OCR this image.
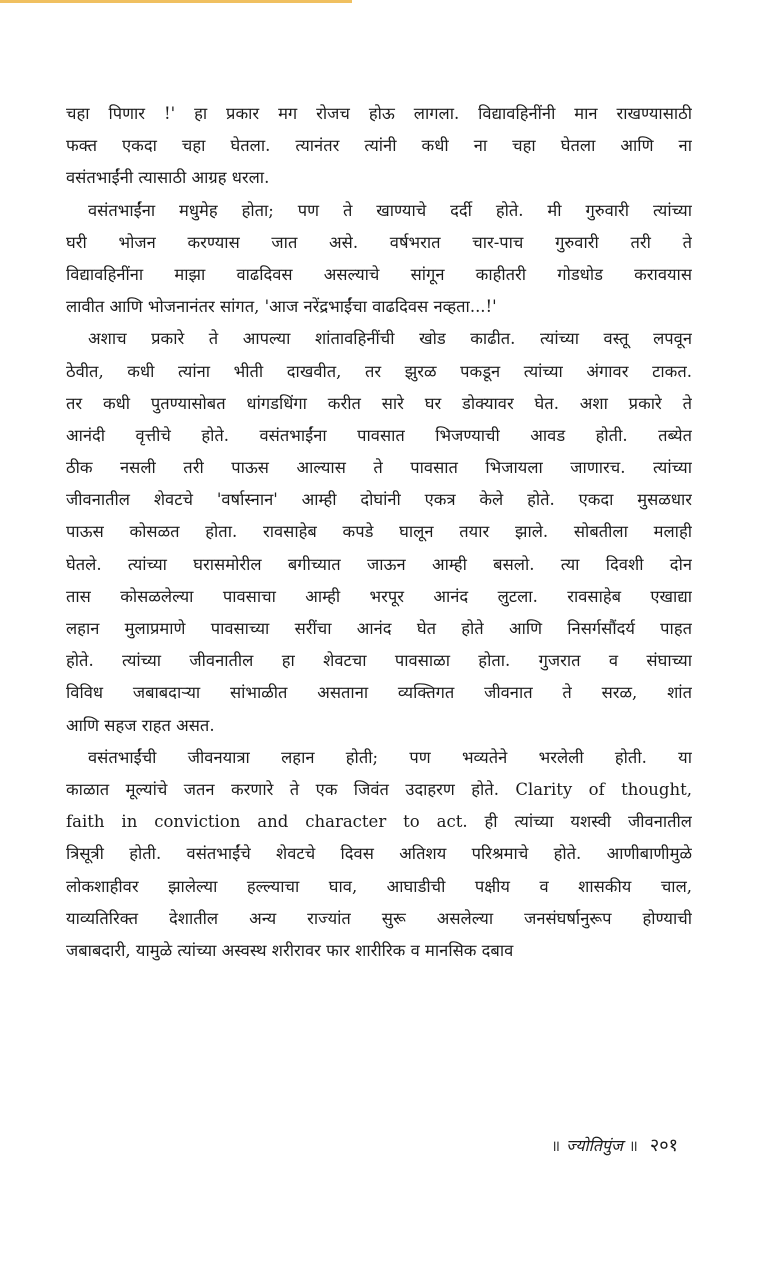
चहा पिणार !' हा प्रकार मग रोजच होऊ लागला. विद्यावहिनींनी मान राखण्यासाठी
फक्त एकदा चहा घेतला. त्यानंतर त्यांनी कधी ना चहा घेतला आणि ना
वसंतभाईंनी त्यासाठी आग्रह धरला.
वसंतभाईंना मधुमेह होता; पण ते खाण्याचे दर्दी होते. मी गुरुवारी त्यांच्या
घरी भोजन करण्यास जात असे. वर्षभरात चार-पाच गुरुवारी तरी ते
विद्यावहिनींना माझा वाढदिवस असल्याचे सांगून काहीतरी गोडधोड करावयास
लावीत आणि भोजनानंतर सांगत, 'आज नरेंद्रभाईंचा वाढदिवस नव्हता...!'
अशाच प्रकारे ते आपल्या शांतावहिनींची खोड काढीत. त्यांच्या वस्तू लपवून
ठेवीत, कधी त्यांना भीती दाखवीत, तर झुरळ पकडून त्यांच्या अंगावर टाकत.
तर कधी पुतण्यासोबत धांगडधिंगा करीत सारे घर डोक्यावर घेत. अशा प्रकारे ते
आनंदी वृत्तीचे होते. वसंतभाईंना पावसात भिजण्याची आवड होती. तब्येत
ठीक नसली तरी पाऊस आल्यास ते पावसात भिजायला जाणारच. त्यांच्या
जीवनातील शेवटचे 'वर्षास्नान' आम्ही दोघांनी एकत्र केले होते. एकदा मुसळधार
पाऊस कोसळत होता. रावसाहेब कपडे घालून तयार झाले. सोबतीला मलाही
घेतले. त्यांच्या घरासमोरील बगीच्यात जाऊन आम्ही बसलो. त्या दिवशी दोन
तास कोसळलेल्या पावसाचा आम्ही भरपूर आनंद लुटला. रावसाहेब एखाद्या
लहान मुलाप्रमाणे पावसाच्या सरींचा आनंद घेत होते आणि निसर्गसौंदर्य पाहत
होते. त्यांच्या जीवनातील हा शेवटचा पावसाळा होता. गुजरात व संघाच्या
विविध जबाबदाऱ्या सांभाळीत असताना व्यक्तिगत जीवनात ते सरळ, शांत
आणि सहज राहत असत.
वसंतभाईंची जीवनयात्रा लहान होती; पण भव्यतेने भरलेली होती. या
काळात मूल्यांचे जतन करणारे ते एक जिवंत उदाहरण होते. Clarity of thought,
faith in conviction and character to act. ही त्यांच्या यशस्वी जीवनातील
त्रिसूत्री होती. वसंतभाईंचे शेवटचे दिवस अतिशय परिश्रमाचे होते. आणीबाणीमुळे
लोकशाहीवर झालेल्या हल्ल्याचा घाव, आघाडीची पक्षीय व शासकीय चाल,
याव्यतिरिक्त देशातील अन्य राज्यांत सुरू असलेल्या जनसंघर्षानुरूप होण्याची
जबाबदारी, यामुळे त्यांच्या अस्वस्थ शरीरावर फार शारीरिक व मानसिक दबाव
॥ ज्योतिपुंज ॥ २०१
